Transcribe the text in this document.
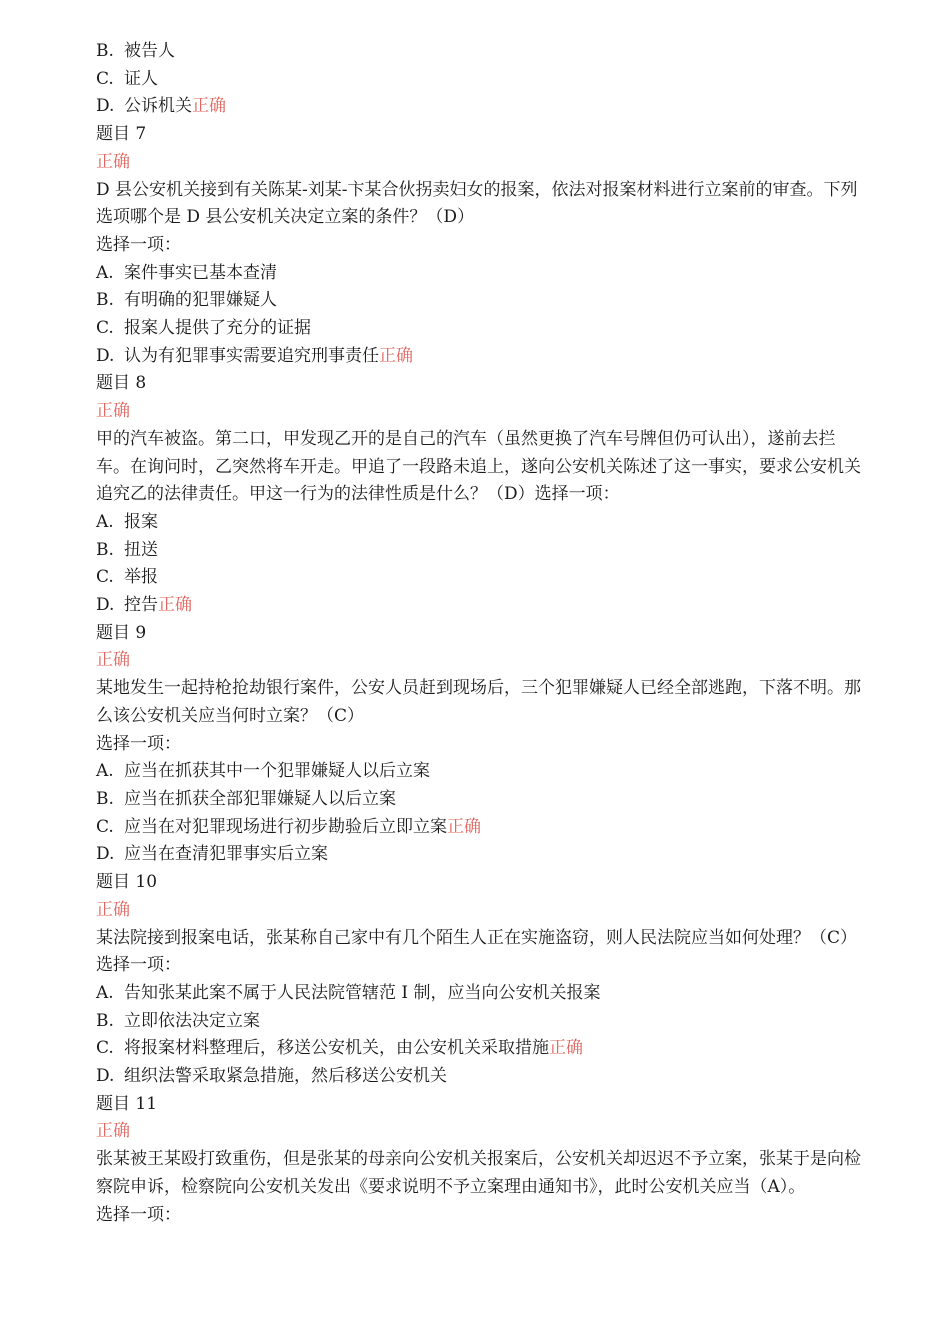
B. 被告人
C. 证人
D. 公诉机关正确
题目 7
正确
D 县公安机关接到有关陈某-刘某-卞某合伙拐卖妇女的报案，依法对报案材料进行立案前的审查。下列选项哪个是 D 县公安机关决定立案的条件？（D）
选择一项：
A. 案件事实已基本查清
B. 有明确的犯罪嫌疑人
C. 报案人提供了充分的证据
D. 认为有犯罪事实需要追究刑事责任正确
题目 8
正确
甲的汽车被盗。第二口，甲发现乙开的是自己的汽车（虽然更换了汽车号牌但仍可认出），遂前去拦车。在询问时，乙突然将车开走。甲追了一段路未追上，遂向公安机关陈述了这一事实，要求公安机关追究乙的法律责任。甲这一行为的法律性质是什么？（D）选择一项：
A. 报案
B. 扭送
C. 举报
D. 控告正确
题目 9
正确
某地发生一起持枪抢劫银行案件，公安人员赶到现场后，三个犯罪嫌疑人已经全部逃跑，下落不明。那么该公安机关应当何时立案？（C）
选择一项：
A. 应当在抓获其中一个犯罪嫌疑人以后立案
B. 应当在抓获全部犯罪嫌疑人以后立案
C. 应当在对犯罪现场进行初步勘验后立即立案正确
D. 应当在查清犯罪事实后立案
题目 10
正确
某法院接到报案电话，张某称自己家中有几个陌生人正在实施盗窃，则人民法院应当如何处理？（C）
选择一项：
A. 告知张某此案不属于人民法院管辖范 I 制，应当向公安机关报案
B. 立即依法决定立案
C. 将报案材料整理后，移送公安机关，由公安机关采取措施正确
D. 组织法警采取紧急措施，然后移送公安机关
题目 11
正确
张某被王某殴打致重伤，但是张某的母亲向公安机关报案后，公安机关却迟迟不予立案，张某于是向检察院申诉，检察院向公安机关发出《要求说明不予立案理由通知书》，此时公安机关应当（A）。
选择一项：
